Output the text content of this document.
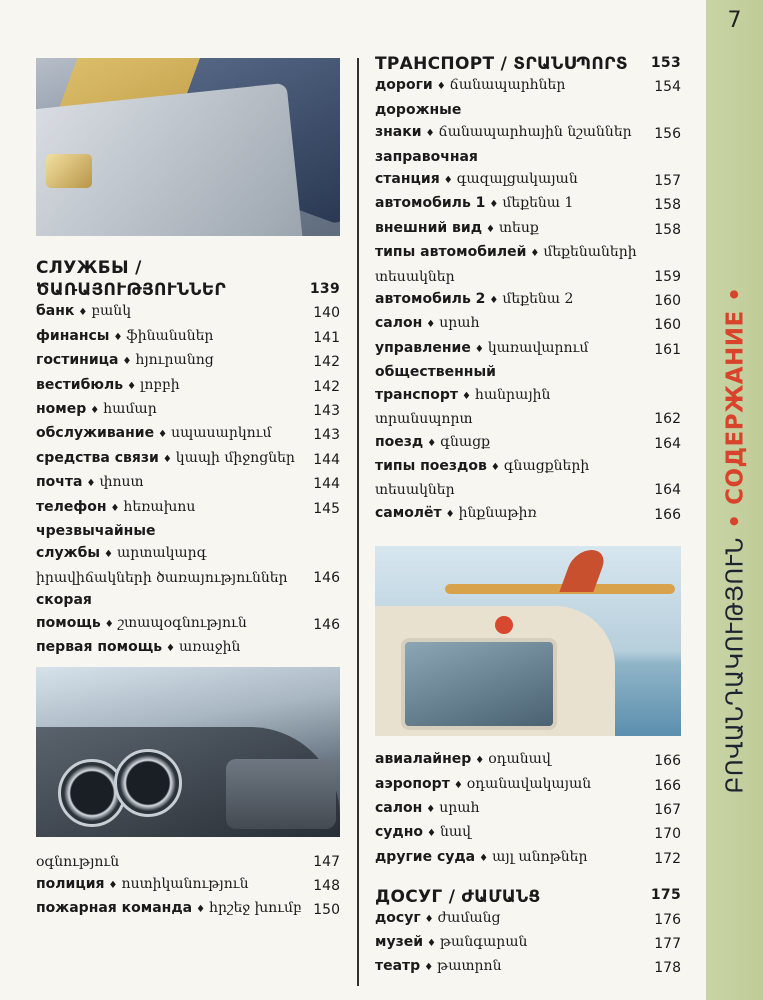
7
ԲՈՎԱՆԴԱԿՈՒԹՅՈՒՆ • СОДЕРЖАНИЕ •
СЛУЖБЫ /
ԾԱՌԱՅՈՒԹՅՈՒՆՆԵՐ	139
банк ♦ բանկ	140
финансы ♦ ֆինանսներ	141
гостиница ♦ հյուրանոց	142
вестибюль ♦ լոբբի	142
номер ♦ համար	143
обслуживание ♦ սպասարկում	143
средства связи ♦ կապի միջոցներ	144
почта ♦ փոստ	144
телефон ♦ հեռախոս	145
чрезвычайные службы ♦ արտակարգ իրավիճակների ծառայություններ	146
скорая помощь ♦ շտապօգնություն	146
первая помощь ♦ առաջին
օգնություն	147
полиция ♦ ոստիկանություն	148
пожарная команда ♦ հրշեջ խումբ 150
ТРАНСПОРТ / ՏՐԱՆՍՊՈՐՏ 153
дороги ♦ ճանապարհներ	154
дорожные знаки ♦ ճանապարհային նշաններ	156
заправочная станция ♦ գազալցակայան	157
автомобиль 1 ♦ մեքենա 1	158
внешний вид ♦ տեսք	158
типы автомобилей ♦ մեքենաների տեսակներ	159
автомобиль 2 ♦ մեքենա 2	160
салон ♦ սրահ	160
управление ♦ կառավարում	161
общественный транспорт ♦ հանրային տրանսպորտ	162
поезд ♦ գնացք	164
типы поездов ♦ գնացքների տեսակներ	164
самолёт ♦ ինքնաթիռ	166
авиалайнер ♦ օդանավ	166
аэропорт ♦ օդանավակայան	166
салон ♦ սրահ	167
судно ♦ նավ	170
другие суда ♦ այլ անոթներ	172
ДОСУГ / ԺԱՄԱՆՑ	175
досуг ♦ ժամանց	176
музей ♦ թանգարան	177
театр ♦ թատրոն	178
